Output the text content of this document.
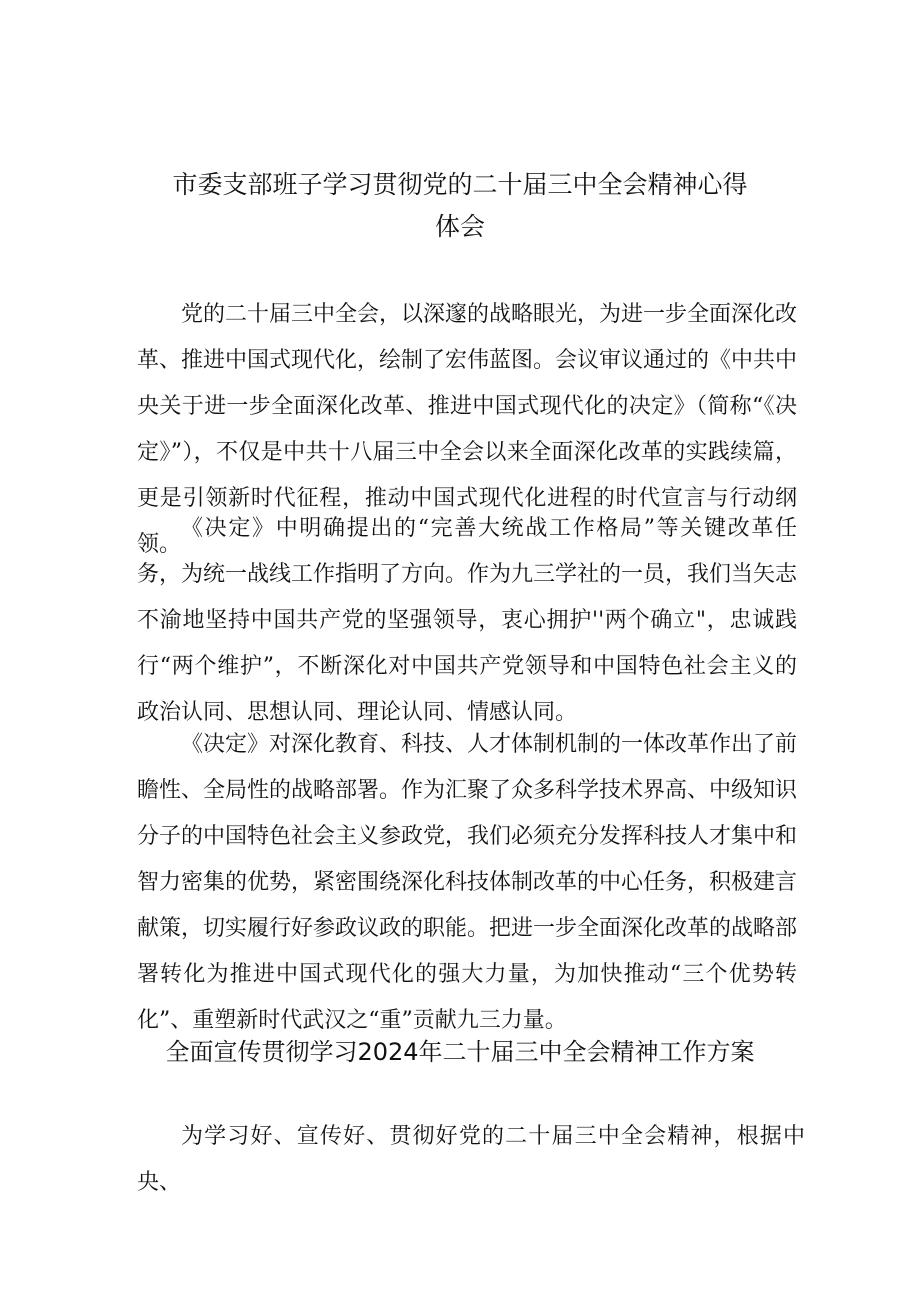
市委支部班子学习贯彻党的二十届三中全会精神心得
体会

党的二十届三中全会，以深邃的战略眼光，为进一步全面深化改革、推进中国式现代化，绘制了宏伟蓝图。会议审议通过的《中共中央关于进一步全面深化改革、推进中国式现代化的决定》（简称“《决定》”），不仅是中共十八届三中全会以来全面深化改革的实践续篇，更是引领新时代征程，推动中国式现代化进程的时代宣言与行动纲领。

《决定》中明确提出的“完善大统战工作格局”等关键改革任务，为统一战线工作指明了方向。作为九三学社的一员，我们当矢志不渝地坚持中国共产党的坚强领导，衷心拥护''两个确立"，忠诚践行“两个维护”，不断深化对中国共产党领导和中国特色社会主义的政治认同、思想认同、理论认同、情感认同。

《决定》对深化教育、科技、人才体制机制的一体改革作出了前瞻性、全局性的战略部署。作为汇聚了众多科学技术界高、中级知识分子的中国特色社会主义参政党，我们必须充分发挥科技人才集中和智力密集的优势，紧密围绕深化科技体制改革的中心任务，积极建言献策，切实履行好参政议政的职能。把进一步全面深化改革的战略部署转化为推进中国式现代化的强大力量，为加快推动“三个优势转化”、重塑新时代武汉之“重”贡献九三力量。

全面宣传贯彻学习2024年二十届三中全会精神工作方案

为学习好、宣传好、贯彻好党的二十届三中全会精神，根据中央、
